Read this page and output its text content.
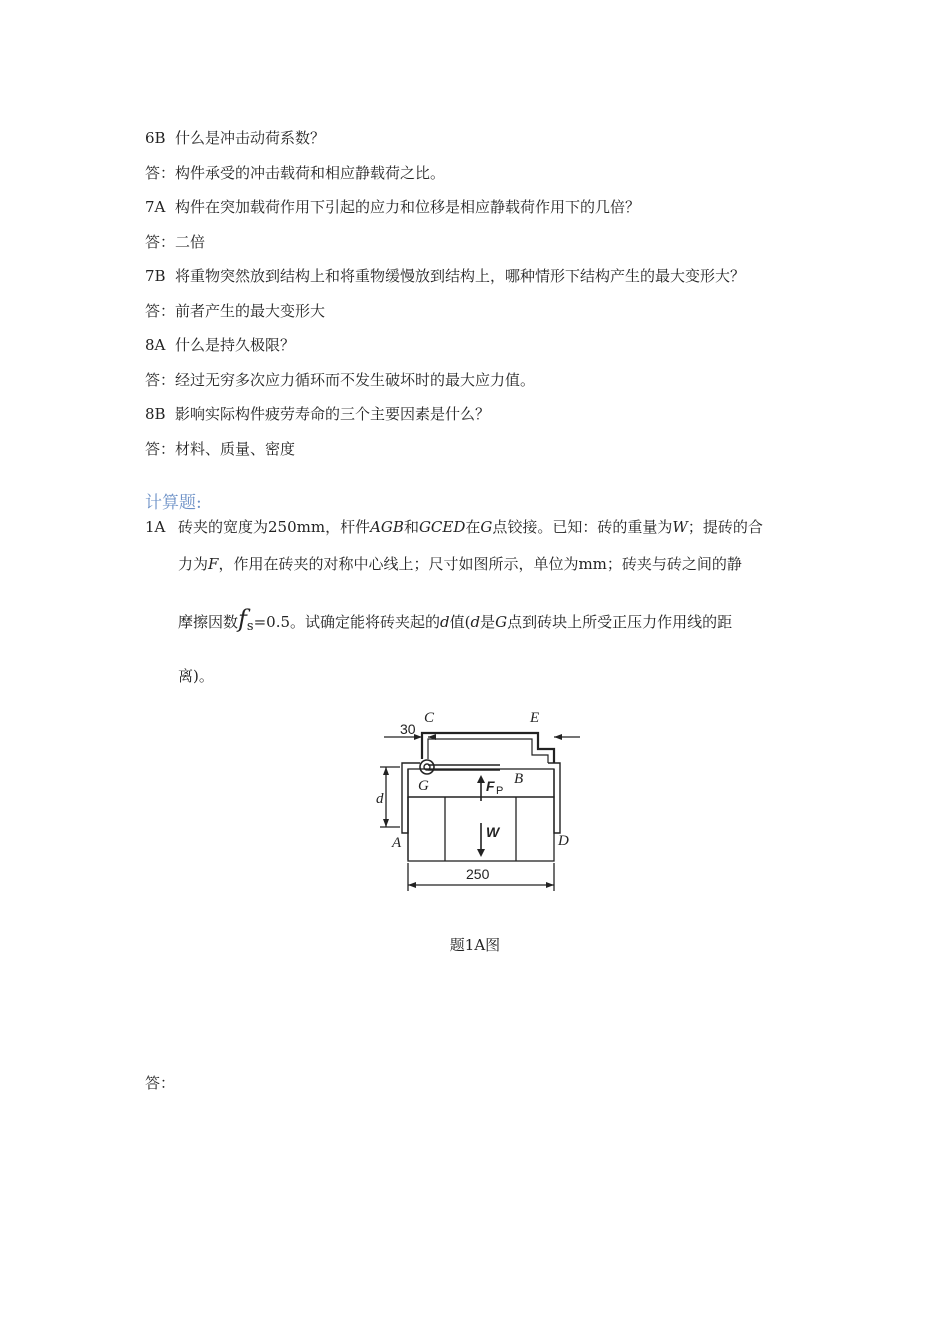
6B 什么是冲击动荷系数？
答：构件承受的冲击载荷和相应静载荷之比。
7A 构件在突加载荷作用下引起的应力和位移是相应静载荷作用下的几倍？
答：二倍
7B 将重物突然放到结构上和将重物缓慢放到结构上，哪种情形下结构产生的最大变形大？
答：前者产生的最大变形大
8A 什么是持久极限？
答：经过无穷多次应力循环而不发生破坏时的最大应力值。
8B 影响实际构件疲劳寿命的三个主要因素是什么？
答：材料、质量、密度
计算题:
1A 砖夹的宽度为250mm，杆件AGB和GCED在G点铰接。已知：砖的重量为W；提砖的合
力为F，作用在砖夹的对称中心线上；尺寸如图所示，单位为mm；砖夹与砖之间的静
摩擦因数fs=0.5。试确定能将砖夹起的d值(d是G点到砖块上所受正压力作用线的距
离)。
C	E
G	B
A	D
d
30
250
F P
W
题1A图
答：
